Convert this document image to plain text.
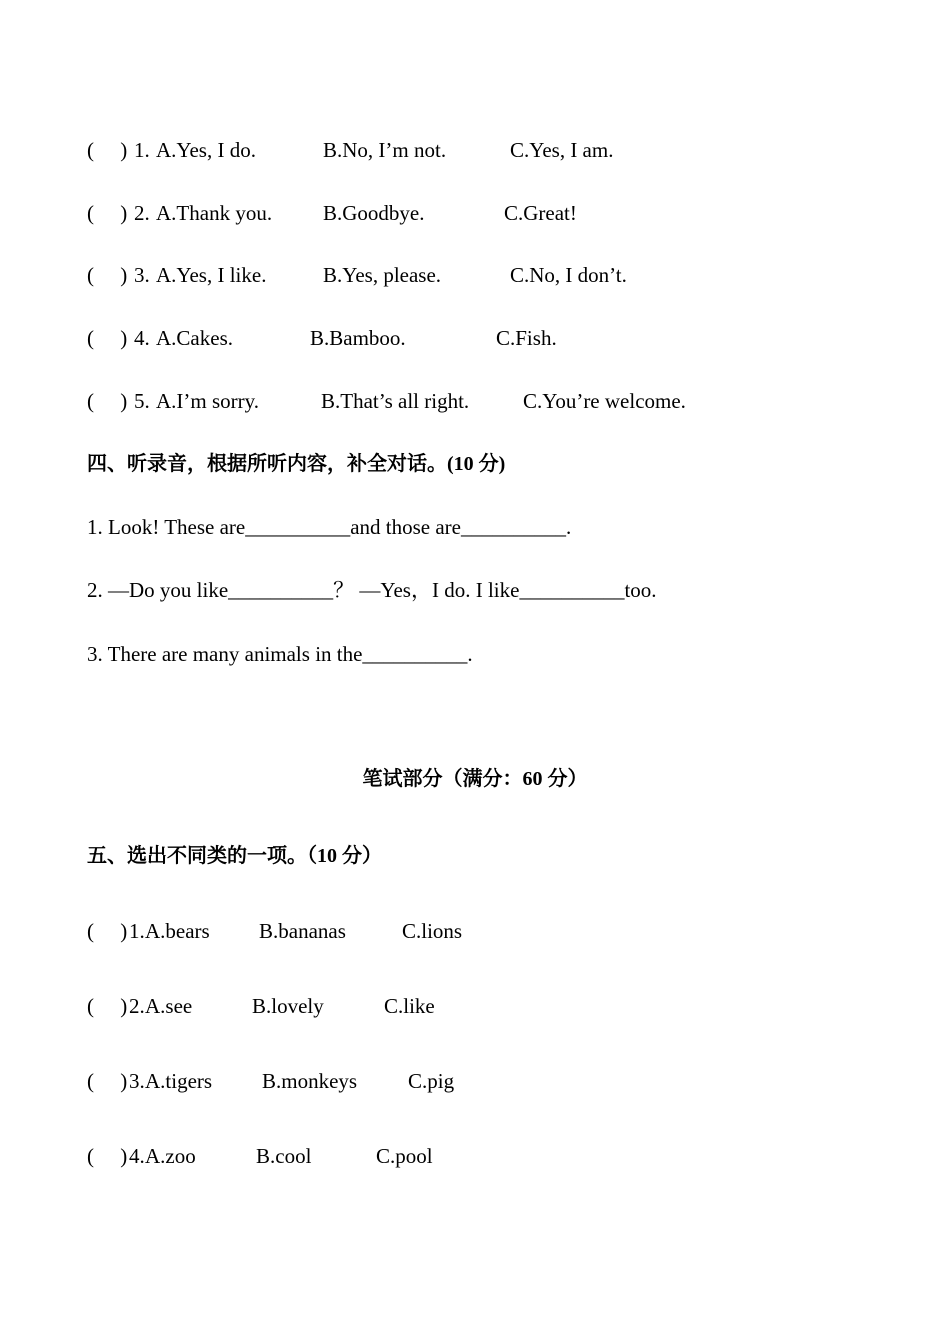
(     ) 1. A.Yes, I do.	B.No, I’m not.	C.Yes, I am.
(     ) 2. A.Thank you. B.Goodbye.	C.Great!
(     ) 3. A.Yes, I like.	B.Yes, please.	C.No, I don’t.
(     ) 4. A.Cakes.	B.Bamboo.	C.Fish.
(     ) 5. A.I’m sorry.	B.That’s all right.	C.You’re welcome.
四、听录音，根据所听内容，补全对话。(10 分)
1. Look! These are__________and those are__________.
2. —Do you like__________？ —Yes，I do. I like__________too.
3. There are many animals in the__________.
笔试部分（满分：60 分）
五、选出不同类的一项。（10 分）
(     ) 1. A.bears B.bananas	C.lions
(     ) 2. A.see	B.lovely	C.like
(     ) 3. A.tigers B.monkeys C.pig
(     ) 4. A.zoo	B.cool	C.pool
